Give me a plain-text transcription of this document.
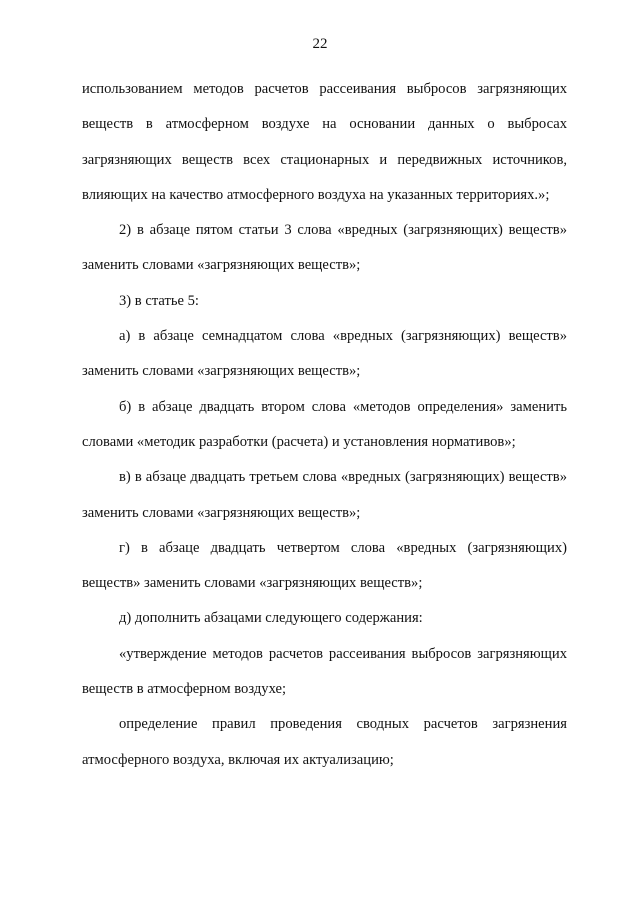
22

использованием методов расчетов рассеивания выбросов загрязняющих веществ в атмосферном воздухе на основании данных о выбросах загрязняющих веществ всех стационарных и передвижных источников, влияющих на качество атмосферного воздуха на указанных территориях.»;

2) в абзаце пятом статьи 3 слова «вредных (загрязняющих) веществ» заменить словами «загрязняющих веществ»;

3) в статье 5:

а) в абзаце семнадцатом слова «вредных (загрязняющих) веществ» заменить словами «загрязняющих веществ»;

б) в абзаце двадцать втором слова «методов определения» заменить словами «методик разработки (расчета) и установления нормативов»;

в) в абзаце двадцать третьем слова «вредных (загрязняющих) веществ» заменить словами «загрязняющих веществ»;

г) в абзаце двадцать четвертом слова «вредных (загрязняющих) веществ» заменить словами «загрязняющих веществ»;

д) дополнить абзацами следующего содержания:

«утверждение методов расчетов рассеивания выбросов загрязняющих веществ в атмосферном воздухе;

определение правил проведения сводных расчетов загрязнения атмосферного воздуха, включая их актуализацию;
